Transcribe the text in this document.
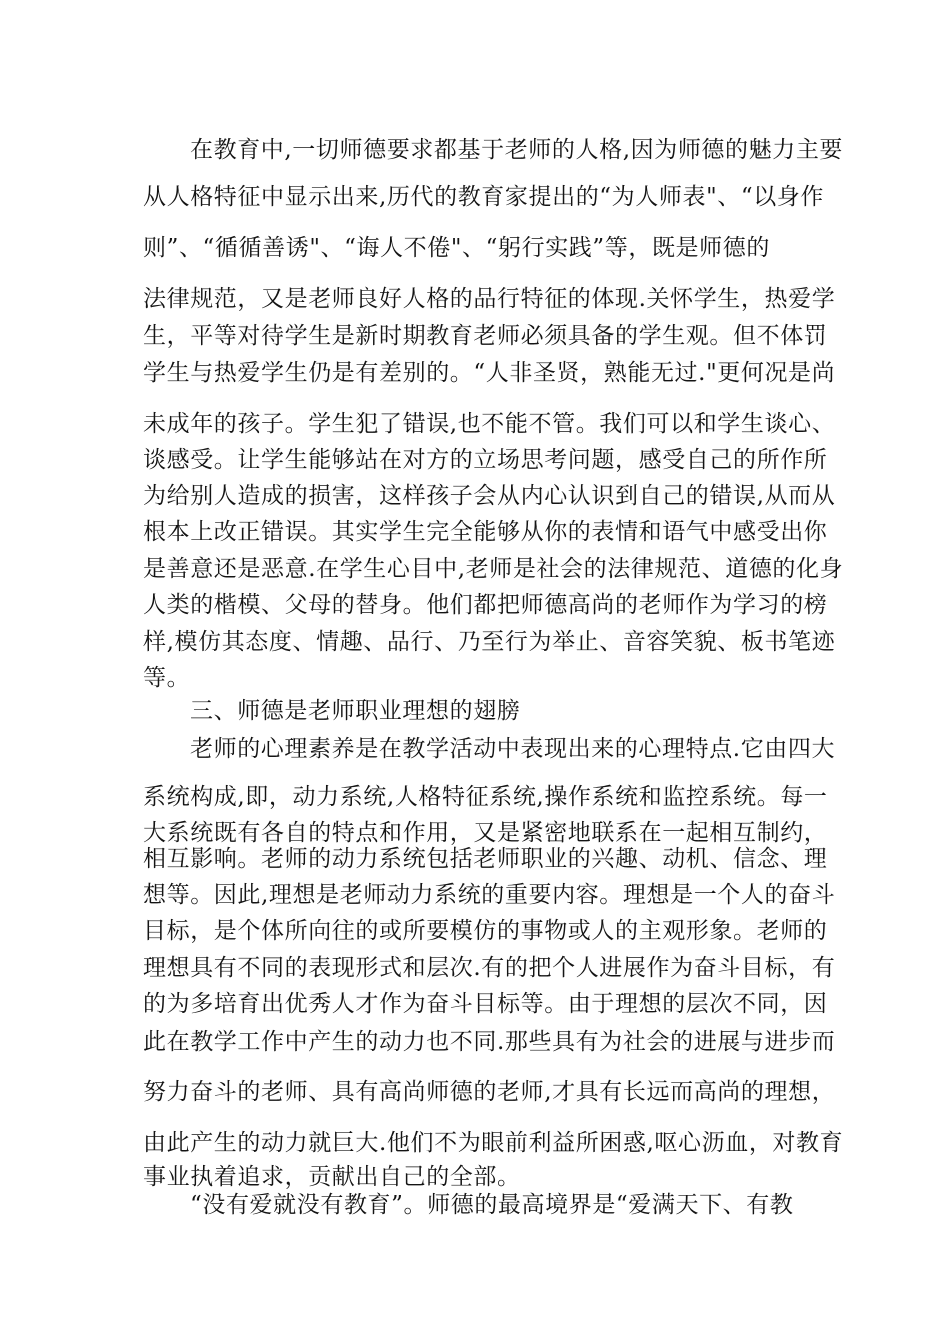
在教育中,一切师德要求都基于老师的人格,因为师德的魅力主要

从人格特征中显示出来,历代的教育家提出的“为人师表"、“以身作

则”、“循循善诱"、“诲人不倦"、“躬行实践”等，既是师德的

法律规范，又是老师良好人格的品行特征的体现.关怀学生，热爱学

生，平等对待学生是新时期教育老师必须具备的学生观。但不体罚

学生与热爱学生仍是有差别的。“人非圣贤，熟能无过."更何况是尚

未成年的孩子。学生犯了错误,也不能不管。我们可以和学生谈心、

谈感受。让学生能够站在对方的立场思考问题，感受自己的所作所

为给别人造成的损害，这样孩子会从内心认识到自己的错误,从而从

根本上改正错误。其实学生完全能够从你的表情和语气中感受出你

是善意还是恶意.在学生心目中,老师是社会的法律规范、道德的化身

人类的楷模、父母的替身。他们都把师德高尚的老师作为学习的榜

样,模仿其态度、情趣、品行、乃至行为举止、音容笑貌、板书笔迹

等。

三、师德是老师职业理想的翅膀

老师的心理素养是在教学活动中表现出来的心理特点.它由四大

系统构成,即，动力系统,人格特征系统,操作系统和监控系统。每一

大系统既有各自的特点和作用，又是紧密地联系在一起相互制约，

相互影响。老师的动力系统包括老师职业的兴趣、动机、信念、理

想等。因此,理想是老师动力系统的重要内容。理想是一个人的奋斗

目标，是个体所向往的或所要模仿的事物或人的主观形象。老师的

理想具有不同的表现形式和层次.有的把个人进展作为奋斗目标，有

的为多培育出优秀人才作为奋斗目标等。由于理想的层次不同，因

此在教学工作中产生的动力也不同.那些具有为社会的进展与进步而

努力奋斗的老师、具有高尚师德的老师,才具有长远而高尚的理想，

由此产生的动力就巨大.他们不为眼前利益所困惑,呕心沥血，对教育

事业执着追求，贡献出自己的全部。

“没有爱就没有教育”。师德的最高境界是“爱满天下、有教
